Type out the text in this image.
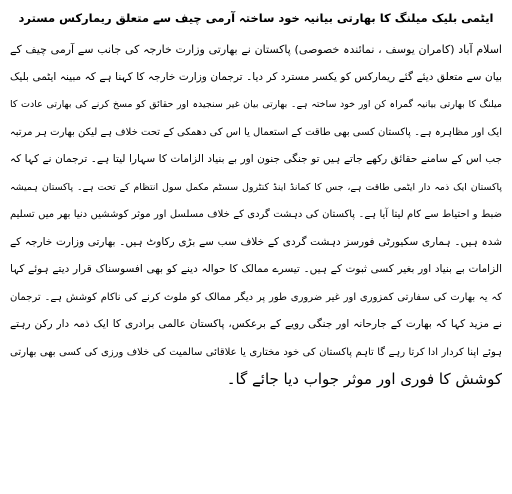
ایٹمی بلیک میلنگ کا بھارتی بیانیہ خود ساختہ آرمی چیف سے متعلق ریمارکس مسترد
اسلام آباد (کامران یوسف ، نمائندہ خصوصی) پاکستان نے بھارتی وزارت خارجہ کی جانب سے آرمی چیف کے
بیان سے متعلق دیئے گئے ریمارکس کو یکسر مسترد کر دیا۔ ترجمان وزارت خارجہ کا کہنا ہے کہ مبینہ ایٹمی بلیک
میلنگ کا بھارتی بیانیہ گمراہ کن اور خود ساختہ ہے۔ بھارتی بیان غیر سنجیدہ اور حقائق کو مسخ کرنے کی بھارتی عادت کا
ایک اور مظاہرہ ہے۔ پاکستان کسی بھی طاقت کے استعمال یا اس کی دھمکی کے تحت خلاف ہے لیکن بھارت ہر مرتبہ
جب اس کے سامنے حقائق رکھے جاتے ہیں تو جنگی جنون اور بے بنیاد الزامات کا سہارا لیتا ہے۔ ترجمان نے کہا کہ
پاکستان ایک ذمہ دار ایٹمی طاقت ہے، جس کا کمانڈ اینڈ کنٹرول سسٹم مکمل سول انتظام کے تحت ہے۔ پاکستان ہمیشہ
ضبط و احتیاط سے کام لیتا آیا ہے۔ پاکستان کی دہشت گردی کے خلاف مسلسل اور موثر کوششیں دنیا بھر میں تسلیم
شدہ ہیں۔ ہماری سکیورٹی فورسز دہشت گردی کے خلاف سب سے بڑی رکاوٹ ہیں۔ بھارتی وزارت خارجہ کے
الزامات بے بنیاد اور بغیر کسی ثبوت کے ہیں۔ تیسرے ممالک کا حوالہ دینے کو بھی افسوسناک قرار دیتے ہوئے کہا
کہ یہ بھارت کی سفارتی کمزوری اور غیر ضروری طور پر دیگر ممالک کو ملوث کرنے کی ناکام کوشش ہے۔ ترجمان
نے مزید کہا کہ بھارت کے جارحانہ اور جنگی رویے کے برعکس، پاکستان عالمی برادری کا ایک ذمہ دار رکن رہتے
ہوئے اپنا کردار ادا کرتا رہے گا تاہم پاکستان کی خود مختاری یا علاقائی سالمیت کی خلاف ورزی کی کسی بھی بھارتی
کوشش کا فوری اور موثر جواب دیا جائے گا۔
